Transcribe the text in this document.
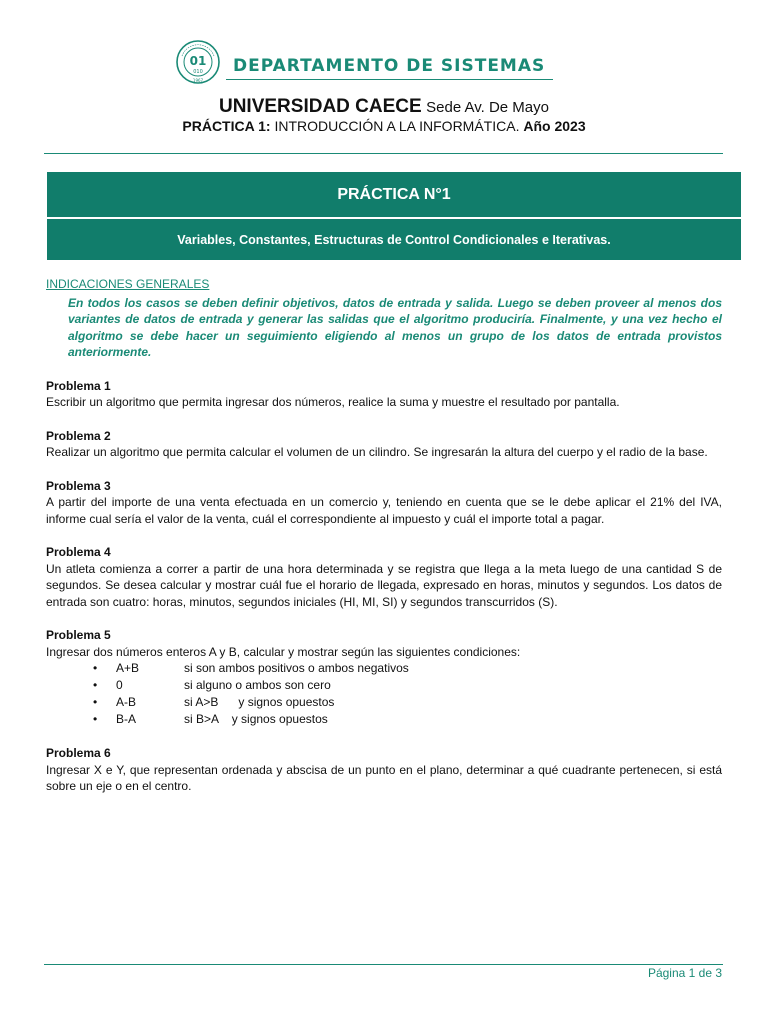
01
010
1967
DEPARTAMENTO DE SISTEMAS
UNIVERSIDAD CAECE Sede Av. De Mayo
PRÁCTICA 1: INTRODUCCIÓN A LA INFORMÁTICA. Año 2023
PRÁCTICA N°1
Variables, Constantes, Estructuras de Control Condicionales e Iterativas.
INDICACIONES GENERALES
En todos los casos se deben definir objetivos, datos de entrada y salida. Luego se deben proveer al menos dos variantes de datos de entrada y generar las salidas que el algoritmo produciría. Finalmente, y una vez hecho el algoritmo se debe hacer un seguimiento eligiendo al menos un grupo de los datos de entrada provistos anteriormente.
Problema 1
Escribir un algoritmo que permita ingresar dos números, realice la suma y muestre el resultado por pantalla.
Problema 2
Realizar un algoritmo que permita calcular el volumen de un cilindro. Se ingresarán la altura del cuerpo y el radio de la base.
Problema 3
A partir del importe de una venta efectuada en un comercio y, teniendo en cuenta que se le debe aplicar el 21% del IVA, informe cual sería el valor de la venta, cuál el correspondiente al impuesto y cuál el importe total a pagar.
Problema 4
Un atleta comienza a correr a partir de una hora determinada y se registra que llega a la meta luego de una cantidad S de segundos. Se desea calcular y mostrar cuál fue el horario de llegada, expresado en horas, minutos y segundos. Los datos de entrada son cuatro: horas, minutos, segundos iniciales (HI, MI, SI) y segundos transcurridos (S).
Problema 5
Ingresar dos números enteros A y B, calcular y mostrar según las siguientes condiciones:
• A+B	si son ambos positivos o ambos negativos
• 0	si alguno o ambos son cero
• A-B	si A>B      y signos opuestos
• B-A	si B>A    y signos opuestos
Problema 6
Ingresar X e Y, que representan ordenada y abscisa de un punto en el plano, determinar a qué cuadrante pertenecen, si está sobre un eje o en el centro.
Página 1 de 3
